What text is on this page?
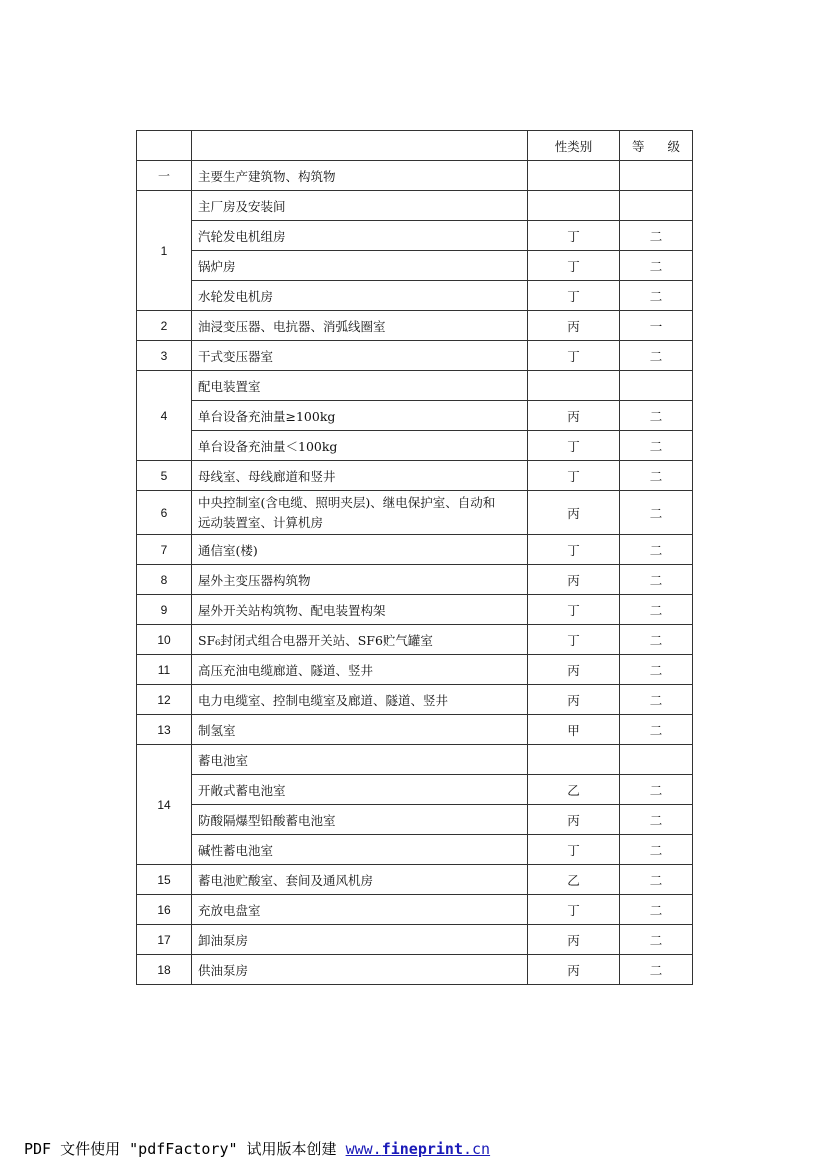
		性类别	等 级

一	主要生产建筑物、构筑物		
1	主厂房及安装间		
	汽轮发电机组房	丁	二
	锅炉房	丁	二
	水轮发电机房	丁	二
2	油浸变压器、电抗器、消弧线圈室	丙	一
3	干式变压器室	丁	二
4	配电装置室		
	单台设备充油量≥100kg	丙	二
	单台设备充油量＜100kg	丁	二
5	母线室、母线廊道和竖井	丁	二
6	中央控制室(含电缆、照明夹层)、继电保护室、自动和
远动装置室、计算机房	丙	二
7	通信室(楼)	丁	二
8	屋外主变压器构筑物	丙	二
9	屋外开关站构筑物、配电装置构架	丁	二
10	SF₆封闭式组合电器开关站、SF6贮气罐室	丁	二
11	高压充油电缆廊道、隧道、竖井	丙	二
12	电力电缆室、控制电缆室及廊道、隧道、竖井	丙	二
13	制氢室	甲	二
14	蓄电池室		
	开敞式蓄电池室	乙	二
	防酸隔爆型铅酸蓄电池室	丙	二
	碱性蓄电池室	丁	二
15	蓄电池贮酸室、套间及通风机房	乙	二
16	充放电盘室	丁	二
17	卸油泵房	丙	二
18	供油泵房	丙	二
PDF 文件使用 "pdfFactory" 试用版本创建 www.fineprint.cn
